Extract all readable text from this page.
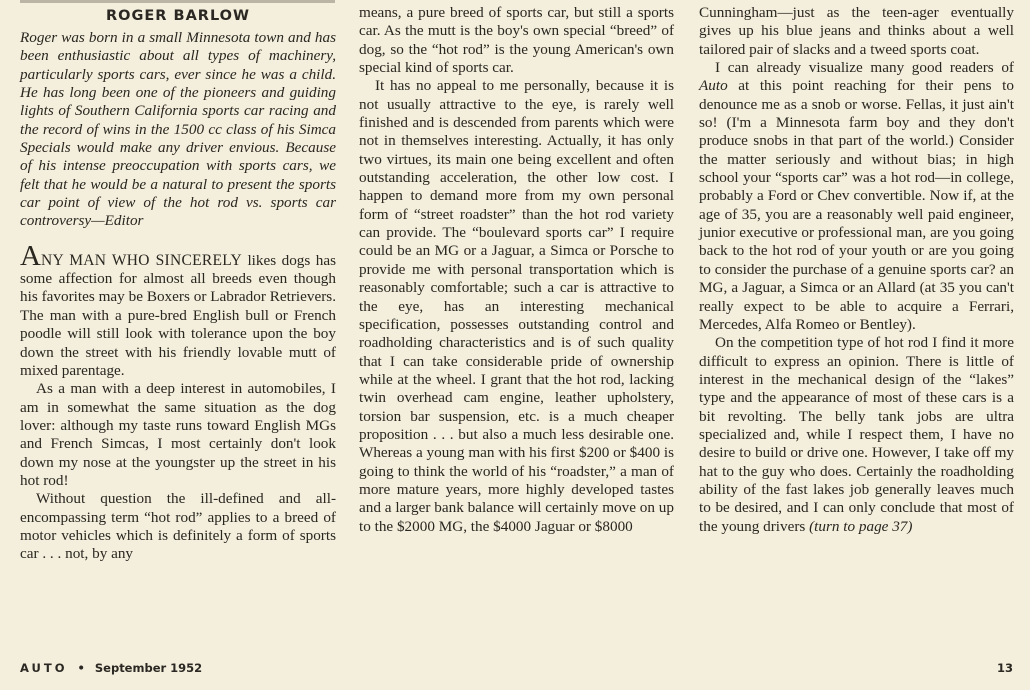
ROGER BARLOW

Roger was born in a small Minnesota town and has been enthusiastic about all types of machinery, particularly sports cars, ever since he was a child. He has long been one of the pioneers and guiding lights of Southern California sports car racing and the record of wins in the 1500 cc class of his Simca Specials would make any driver envious. Because of his intense preoccupation with sports cars, we felt that he would be a natural to present the sports car point of view of the hot rod vs. sports car controversy—Editor

ANY MAN WHO SINCERELY likes dogs has some affection for almost all breeds even though his favorites may be Boxers or Labrador Retrievers. The man with a pure-bred English bull or French poodle will still look with tolerance upon the boy down the street with his friendly lovable mutt of mixed parentage.

As a man with a deep interest in automobiles, I am in somewhat the same situation as the dog lover: although my taste runs toward English MGs and French Simcas, I most certainly don't look down my nose at the youngster up the street in his hot rod!

Without question the ill-defined and all-encompassing term “hot rod” applies to a breed of motor vehicles which is definitely a form of sports car . . . not, by any

means, a pure breed of sports car, but still a sports car. As the mutt is the boy's own special “breed” of dog, so the “hot rod” is the young American's own special kind of sports car.

It has no appeal to me personally, because it is not usually attractive to the eye, is rarely well finished and is descended from parents which were not in themselves interesting. Actually, it has only two virtues, its main one being excellent and often outstanding acceleration, the other low cost. I happen to demand more from my own personal form of “street roadster” than the hot rod variety can provide. The “boulevard sports car” I require could be an MG or a Jaguar, a Simca or Porsche to provide me with personal transportation which is reasonably comfortable; such a car is attractive to the eye, has an interesting mechanical specification, possesses outstanding control and roadholding characteristics and is of such quality that I can take considerable pride of ownership while at the wheel. I grant that the hot rod, lacking twin overhead cam engine, leather upholstery, torsion bar suspension, etc. is a much cheaper proposition . . . but also a much less desirable one. Whereas a young man with his first $200 or $400 is going to think the world of his “roadster,” a man of more mature years, more highly developed tastes and a larger bank balance will certainly move on up to the $2000 MG, the $4000 Jaguar or $8000

Cunningham—just as the teen-ager eventually gives up his blue jeans and thinks about a well tailored pair of slacks and a tweed sports coat.

I can already visualize many good readers of Auto at this point reaching for their pens to denounce me as a snob or worse. Fellas, it just ain't so! (I'm a Minnesota farm boy and they don't produce snobs in that part of the world.) Consider the matter seriously and without bias; in high school your “sports car” was a hot rod—in college, probably a Ford or Chev convertible. Now if, at the age of 35, you are a reasonably well paid engineer, junior executive or professional man, are you going back to the hot rod of your youth or are you going to consider the purchase of a genuine sports car? an MG, a Jaguar, a Simca or an Allard (at 35 you can't really expect to be able to acquire a Ferrari, Mercedes, Alfa Romeo or Bentley).

On the competition type of hot rod I find it more difficult to express an opinion. There is little of interest in the mechanical design of the “lakes” type and the appearance of most of these cars is a bit revolting. The belly tank jobs are ultra specialized and, while I respect them, I have no desire to build or drive one. However, I take off my hat to the guy who does. Certainly the roadholding ability of the fast lakes job generally leaves much to be desired, and I can only conclude that most of the young drivers (turn to page 37)

AUTO • September 1952	13
